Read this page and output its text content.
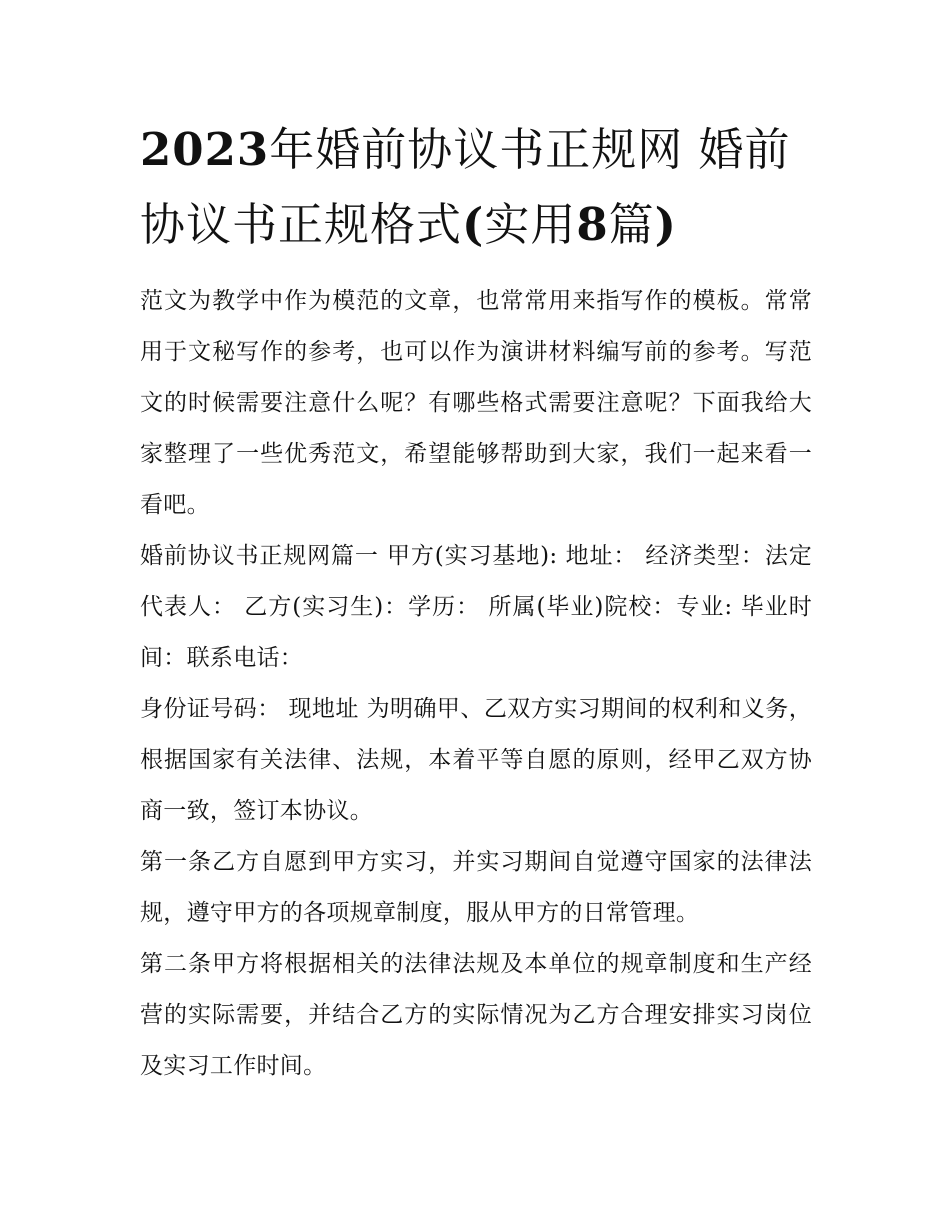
2023年婚前协议书正规网 婚前协议书正规格式(实用8篇)

范文为教学中作为模范的文章，也常常用来指写作的模板。常常用于文秘写作的参考，也可以作为演讲材料编写前的参考。写范文的时候需要注意什么呢？有哪些格式需要注意呢？下面我给大家整理了一些优秀范文，希望能够帮助到大家，我们一起来看一看吧。

婚前协议书正规网篇一 甲方(实习基地): 地址： 经济类型：法定代表人： 乙方(实习生)：学历： 所属(毕业)院校：专业: 毕业时间：联系电话：

身份证号码： 现地址 为明确甲、乙双方实习期间的权利和义务，根据国家有关法律、法规，本着平等自愿的原则，经甲乙双方协商一致，签订本协议。

第一条乙方自愿到甲方实习，并实习期间自觉遵守国家的法律法规，遵守甲方的各项规章制度，服从甲方的日常管理。

第二条甲方将根据相关的法律法规及本单位的规章制度和生产经营的实际需要，并结合乙方的实际情况为乙方合理安排实习岗位及实习工作时间。
